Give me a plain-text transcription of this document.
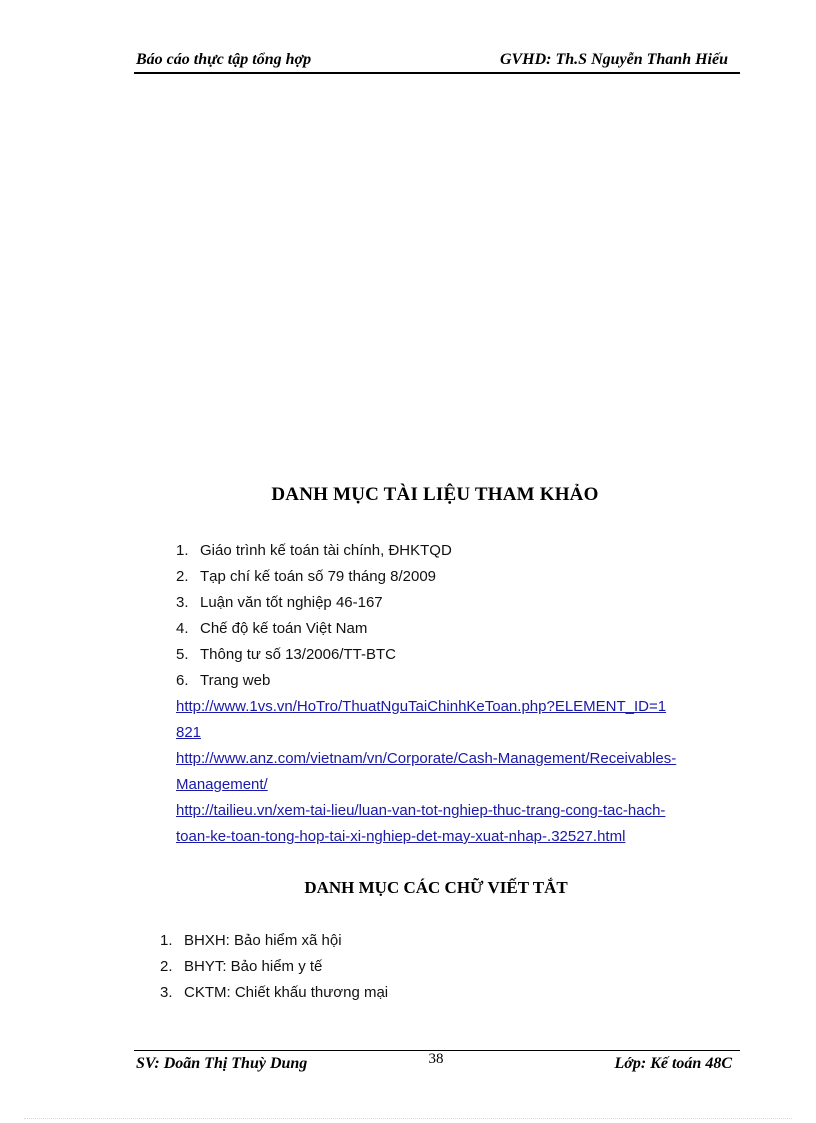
Báo cáo thực tập tổng hợp	GVHD: Th.S Nguyễn Thanh Hiếu
DANH MỤC TÀI LIỆU THAM KHẢO
1. Giáo trình kế toán tài chính, ĐHKTQD
2. Tạp chí kế toán số 79 tháng 8/2009
3. Luận văn tốt nghiệp 46-167
4. Chế độ kế toán Việt Nam
5. Thông tư số 13/2006/TT-BTC
6. Trang web
http://www.1vs.vn/HoTro/ThuatNguTaiChinhKeToan.php?ELEMENT_ID=1
821
http://www.anz.com/vietnam/vn/Corporate/Cash-Management/Receivables-
Management/
http://tailieu.vn/xem-tai-lieu/luan-van-tot-nghiep-thuc-trang-cong-tac-hach-
toan-ke-toan-tong-hop-tai-xi-nghiep-det-may-xuat-nhap-.32527.html
DANH MỤC CÁC CHỮ VIẾT TẮT
1. BHXH: Bảo hiểm xã hội
2. BHYT: Bảo hiểm y tế
3. CKTM: Chiết khấu thương mại
SV: Doãn Thị Thuỳ Dung	38	Lớp: Kế toán 48C
